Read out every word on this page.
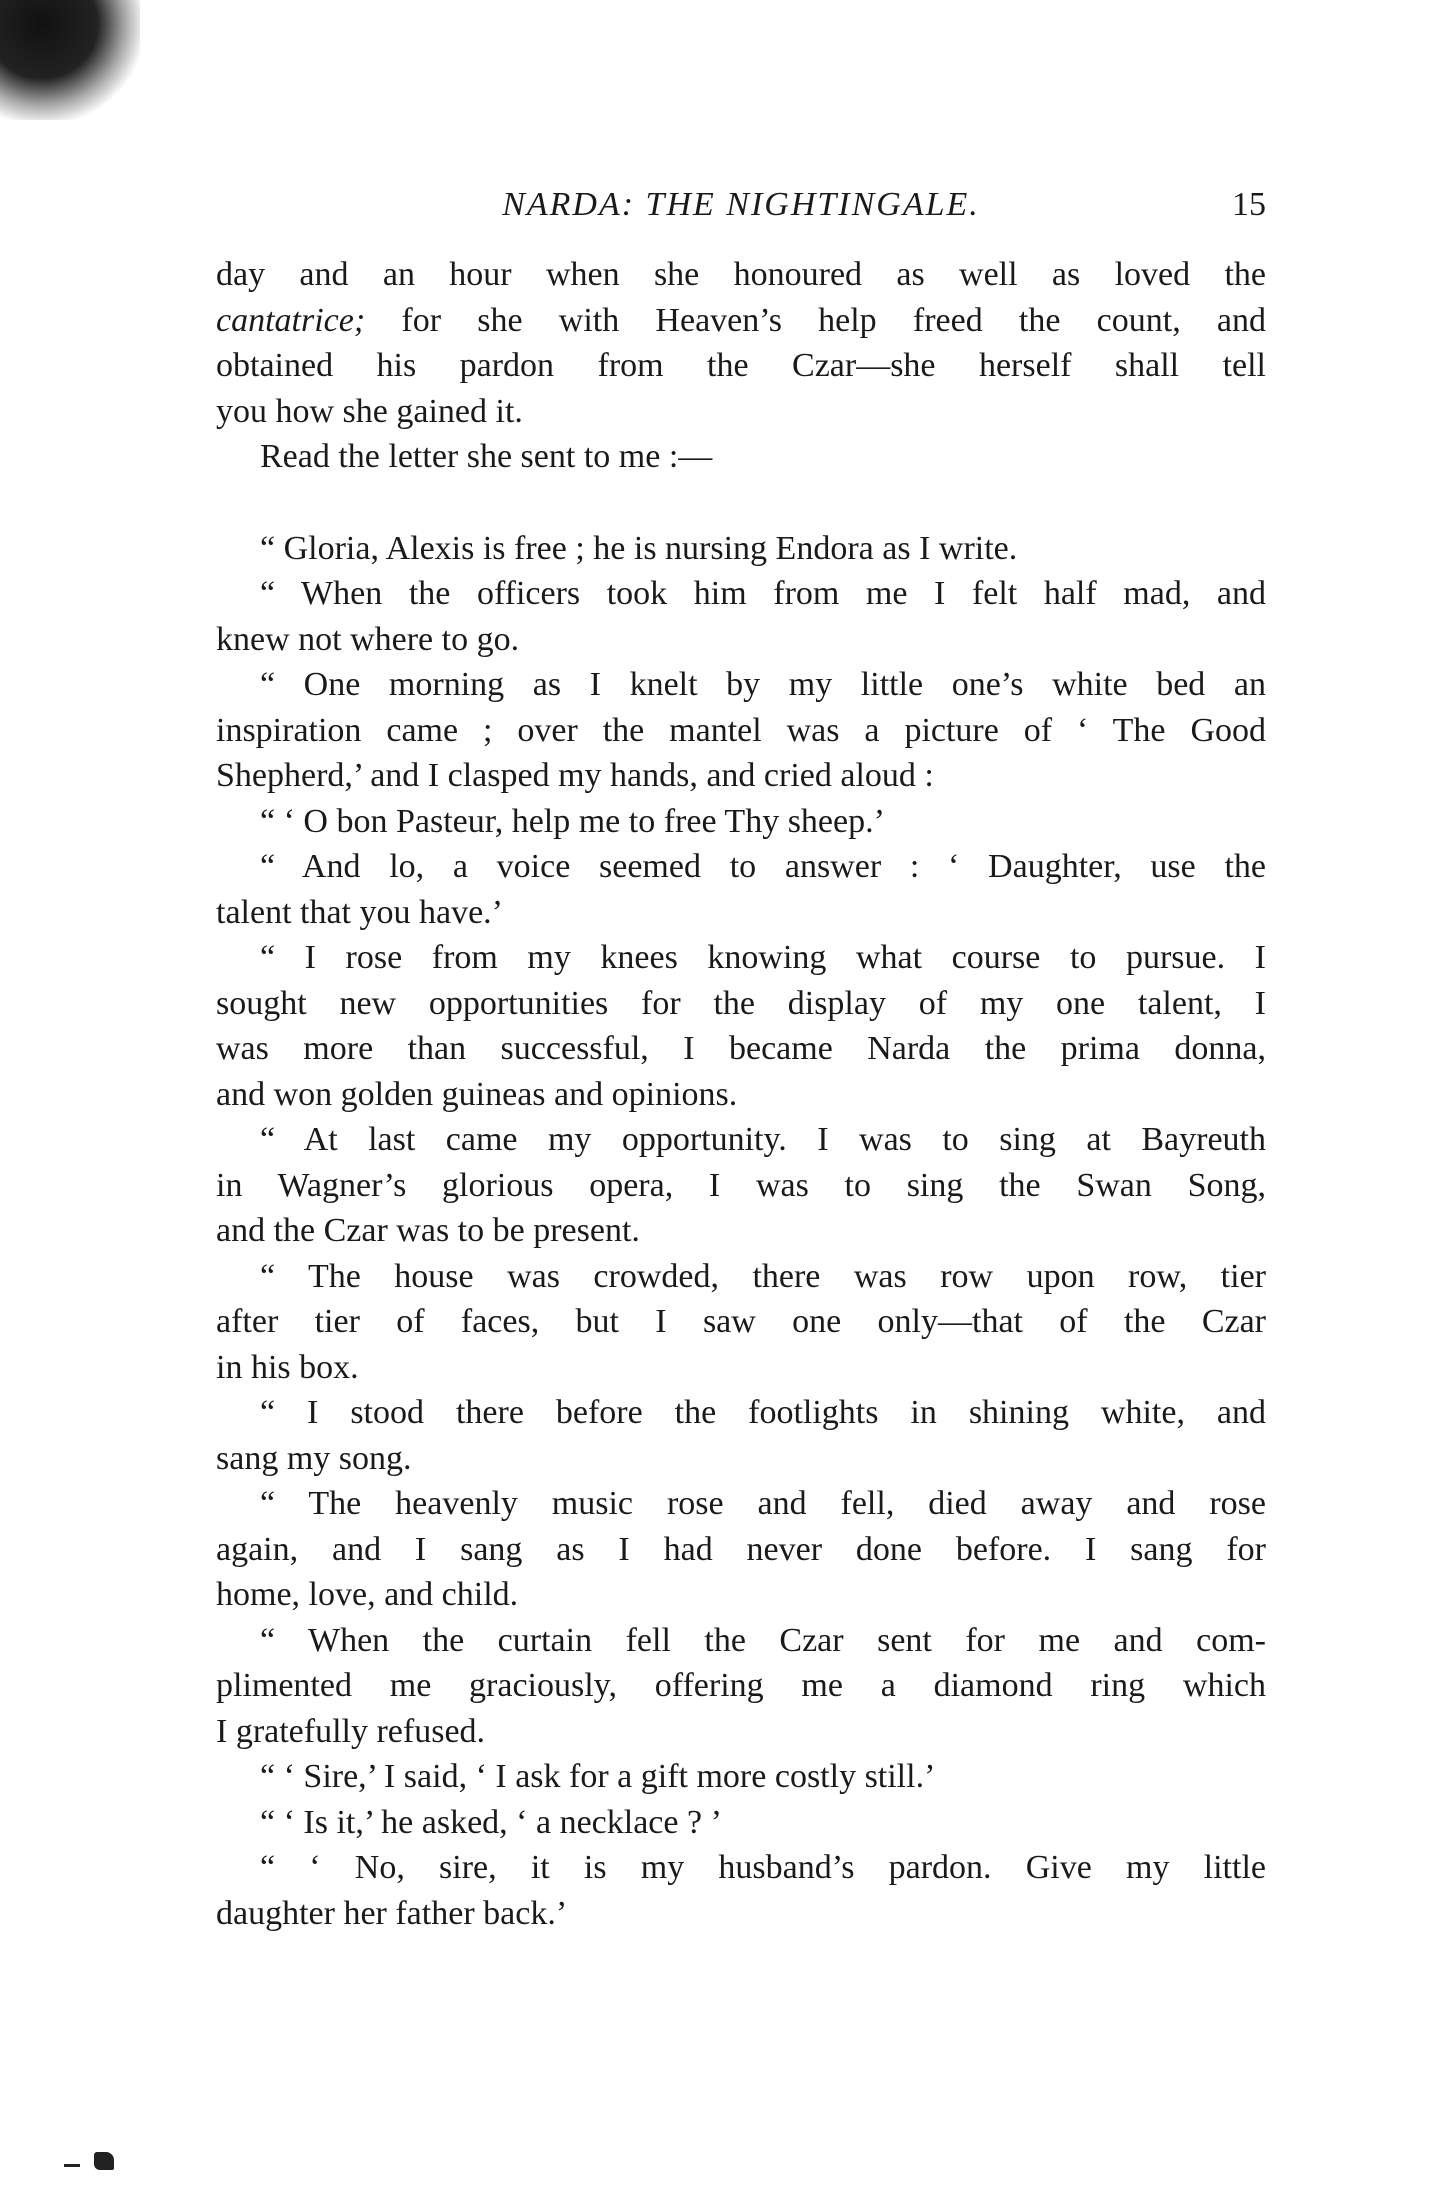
NARDA: THE NIGHTINGALE.	15
day and an hour when she honoured as well as loved the
cantatrice; for she with Heaven’s help freed the count, and
obtained his pardon from the Czar—she herself shall tell
you how she gained it.
Read the letter she sent to me :—
“ Gloria, Alexis is free ; he is nursing Endora as I write.
“ When the officers took him from me I felt half mad, and
knew not where to go.
“ One morning as I knelt by my little one’s white bed an
inspiration came ; over the mantel was a picture of ‘ The Good
Shepherd,’ and I clasped my hands, and cried aloud :
“ ‘ O bon Pasteur, help me to free Thy sheep.’
“ And lo, a voice seemed to answer : ‘ Daughter, use the
talent that you have.’
“ I rose from my knees knowing what course to pursue. I
sought new opportunities for the display of my one talent, I
was more than successful, I became Narda the prima donna,
and won golden guineas and opinions.
“ At last came my opportunity. I was to sing at Bayreuth
in Wagner’s glorious opera, I was to sing the Swan Song,
and the Czar was to be present.
“ The house was crowded, there was row upon row, tier
after tier of faces, but I saw one only—that of the Czar
in his box.
“ I stood there before the footlights in shining white, and
sang my song.
“ The heavenly music rose and fell, died away and rose
again, and I sang as I had never done before. I sang for
home, love, and child.
“ When the curtain fell the Czar sent for me and com-
plimented me graciously, offering me a diamond ring which
I gratefully refused.
“ ‘ Sire,’ I said, ‘ I ask for a gift more costly still.’
“ ‘ Is it,’ he asked, ‘ a necklace ? ’
“ ‘ No, sire, it is my husband’s pardon. Give my little
daughter her father back.’
